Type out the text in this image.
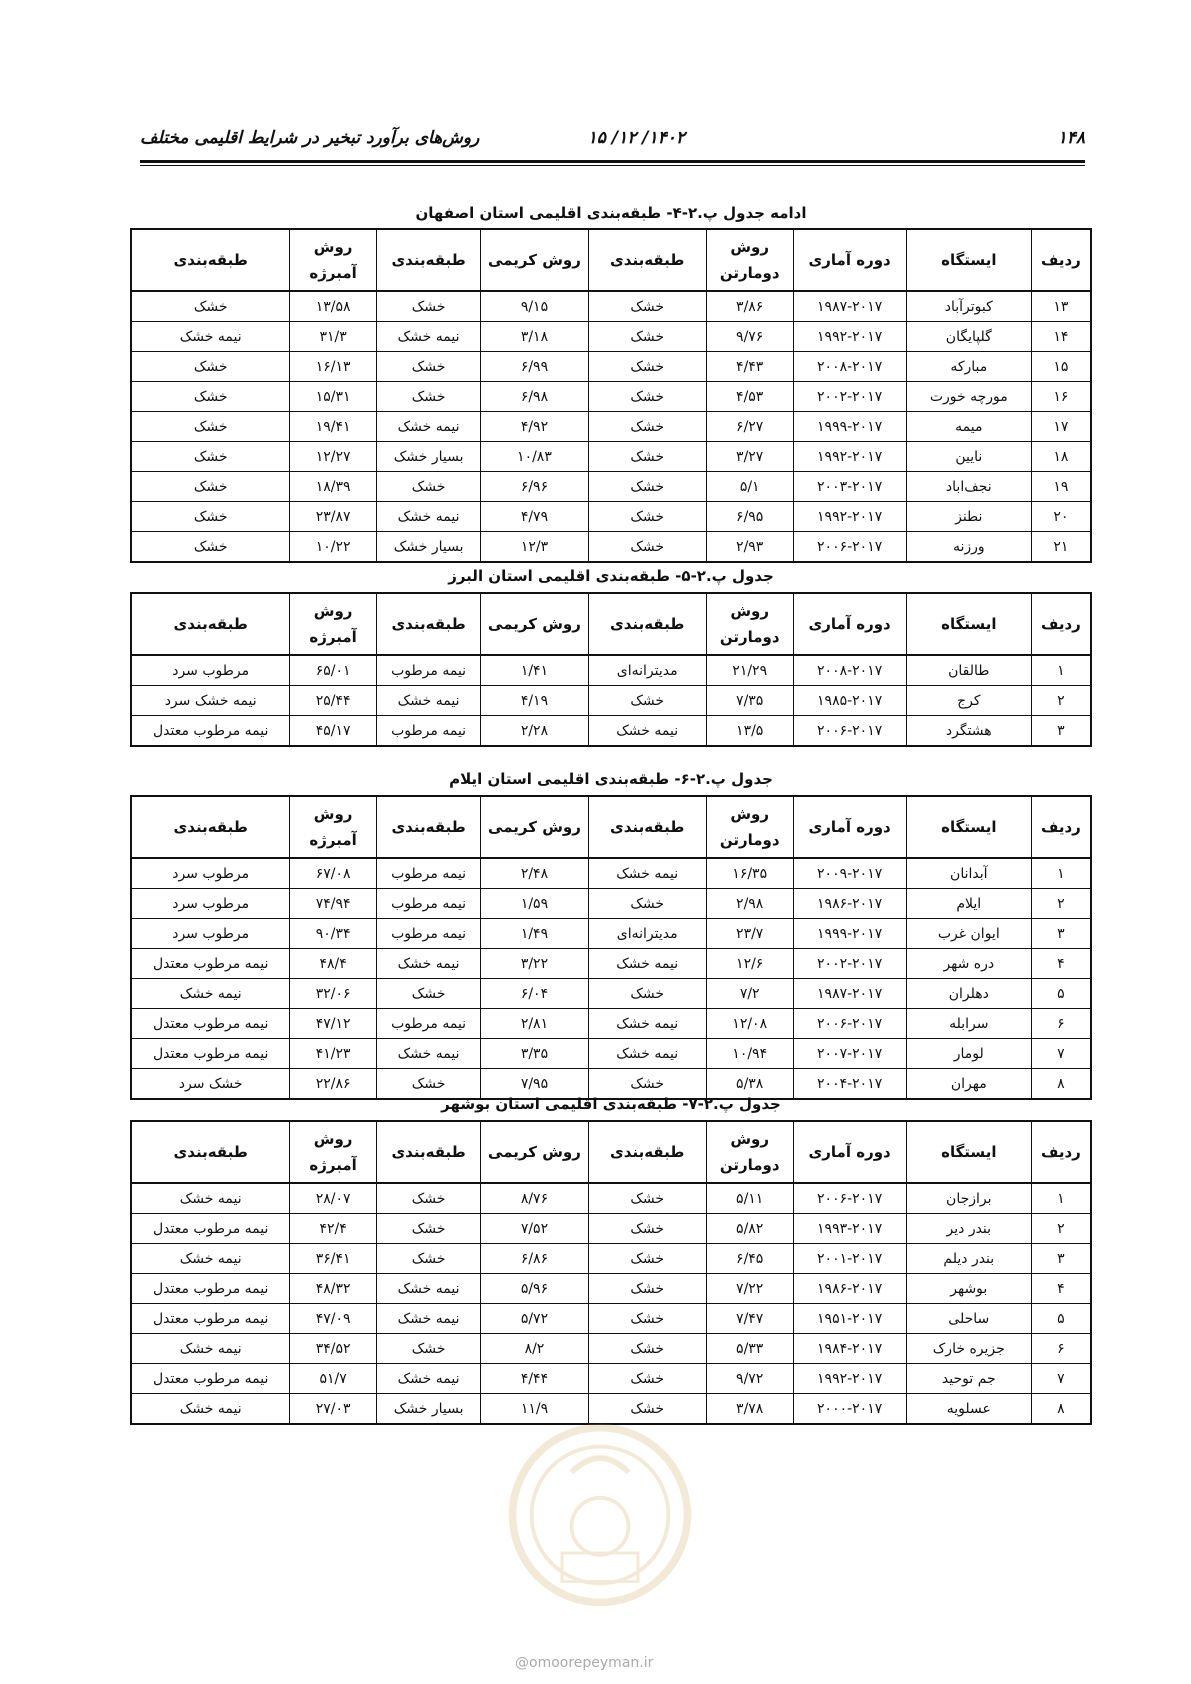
۱۴۸
۱۴۰۲/ ۱۲/ ۱۵
روش‌های برآورد تبخیر در شرایط اقلیمی مختلف
ادامه جدول پ.۲-۴- طبقه‌بندی اقلیمی استان اصفهان
ردیف	ایستگاه	دوره آماری	روش دومارتن	طبقه‌بندی	روش کریمی	طبقه‌بندی	روش آمبرژه	طبقه‌بندی
۱۳	کبوترآباد	۱۹۸۷-۲۰۱۷	۳/۸۶	خشک	۹/۱۵	خشک	۱۳/۵۸	خشک
۱۴	گلپایگان	۱۹۹۲-۲۰۱۷	۹/۷۶	خشک	۳/۱۸	نیمه خشک	۳۱/۳	نیمه خشک
۱۵	مبارکه	۲۰۰۸-۲۰۱۷	۴/۴۳	خشک	۶/۹۹	خشک	۱۶/۱۳	خشک
۱۶	مورچه خورت	۲۰۰۲-۲۰۱۷	۴/۵۳	خشک	۶/۹۸	خشک	۱۵/۳۱	خشک
۱۷	میمه	۱۹۹۹-۲۰۱۷	۶/۲۷	خشک	۴/۹۲	نیمه خشک	۱۹/۴۱	خشک
۱۸	نایین	۱۹۹۲-۲۰۱۷	۳/۲۷	خشک	۱۰/۸۳	بسیار خشک	۱۲/۲۷	خشک
۱۹	نجف‌اباد	۲۰۰۳-۲۰۱۷	۵/۱	خشک	۶/۹۶	خشک	۱۸/۳۹	خشک
۲۰	نطنز	۱۹۹۲-۲۰۱۷	۶/۹۵	خشک	۴/۷۹	نیمه خشک	۲۳/۸۷	خشک
۲۱	ورزنه	۲۰۰۶-۲۰۱۷	۲/۹۳	خشک	۱۲/۳	بسیار خشک	۱۰/۲۲	خشک
جدول پ.۲-۵- طبقه‌بندی اقلیمی استان البرز
ردیف	ایستگاه	دوره آماری	روش دومارتن	طبقه‌بندی	روش کریمی	طبقه‌بندی	روش آمبرژه	طبقه‌بندی
۱	طالقان	۲۰۰۸-۲۰۱۷	۲۱/۲۹	مدیترانه‌ای	۱/۴۱	نیمه مرطوب	۶۵/۰۱	مرطوب سرد
۲	کرج	۱۹۸۵-۲۰۱۷	۷/۳۵	خشک	۴/۱۹	نیمه خشک	۲۵/۴۴	نیمه خشک سرد
۳	هشتگرد	۲۰۰۶-۲۰۱۷	۱۳/۵	نیمه خشک	۲/۲۸	نیمه مرطوب	۴۵/۱۷	نیمه مرطوب معتدل
جدول پ.۲-۶- طبقه‌بندی اقلیمی استان ایلام
ردیف	ایستگاه	دوره آماری	روش دومارتن	طبقه‌بندی	روش کریمی	طبقه‌بندی	روش آمبرژه	طبقه‌بندی
۱	آبدانان	۲۰۰۹-۲۰۱۷	۱۶/۳۵	نیمه خشک	۲/۴۸	نیمه مرطوب	۶۷/۰۸	مرطوب سرد
۲	ایلام	۱۹۸۶-۲۰۱۷	۲/۹۸	خشک	۱/۵۹	نیمه مرطوب	۷۴/۹۴	مرطوب سرد
۳	ایوان غرب	۱۹۹۹-۲۰۱۷	۲۳/۷	مدیترانه‌ای	۱/۴۹	نیمه مرطوب	۹۰/۳۴	مرطوب سرد
۴	دره شهر	۲۰۰۲-۲۰۱۷	۱۲/۶	نیمه خشک	۳/۲۲	نیمه خشک	۴۸/۴	نیمه مرطوب معتدل
۵	دهلران	۱۹۸۷-۲۰۱۷	۷/۲	خشک	۶/۰۴	خشک	۳۲/۰۶	نیمه خشک
۶	سرابله	۲۰۰۶-۲۰۱۷	۱۲/۰۸	نیمه خشک	۲/۸۱	نیمه مرطوب	۴۷/۱۲	نیمه مرطوب معتدل
۷	لومار	۲۰۰۷-۲۰۱۷	۱۰/۹۴	نیمه خشک	۳/۳۵	نیمه خشک	۴۱/۲۳	نیمه مرطوب معتدل
۸	مهران	۲۰۰۴-۲۰۱۷	۵/۳۸	خشک	۷/۹۵	خشک	۲۲/۸۶	خشک سرد
جدول پ.۲-۷- طبقه‌بندی اقلیمی استان بوشهر
ردیف	ایستگاه	دوره آماری	روش دومارتن	طبقه‌بندی	روش کریمی	طبقه‌بندی	روش آمبرژه	طبقه‌بندی
۱	برازجان	۲۰۰۶-۲۰۱۷	۵/۱۱	خشک	۸/۷۶	خشک	۲۸/۰۷	نیمه خشک
۲	بندر دیر	۱۹۹۳-۲۰۱۷	۵/۸۲	خشک	۷/۵۲	خشک	۴۲/۴	نیمه مرطوب معتدل
۳	بندر دیلم	۲۰۰۱-۲۰۱۷	۶/۴۵	خشک	۶/۸۶	خشک	۳۶/۴۱	نیمه خشک
۴	بوشهر	۱۹۸۶-۲۰۱۷	۷/۲۲	خشک	۵/۹۶	نیمه خشک	۴۸/۳۲	نیمه مرطوب معتدل
۵	ساحلی	۱۹۵۱-۲۰۱۷	۷/۴۷	خشک	۵/۷۲	نیمه خشک	۴۷/۰۹	نیمه مرطوب معتدل
۶	جزیره خارک	۱۹۸۴-۲۰۱۷	۵/۳۳	خشک	۸/۲	خشک	۳۴/۵۲	نیمه خشک
۷	جم توحید	۱۹۹۲-۲۰۱۷	۹/۷۲	خشک	۴/۴۴	نیمه خشک	۵۱/۷	نیمه مرطوب معتدل
۸	عسلویه	۲۰۰۰-۲۰۱۷	۳/۷۸	خشک	۱۱/۹	بسیار خشک	۲۷/۰۳	نیمه خشک
@omoorepeyman.ir
